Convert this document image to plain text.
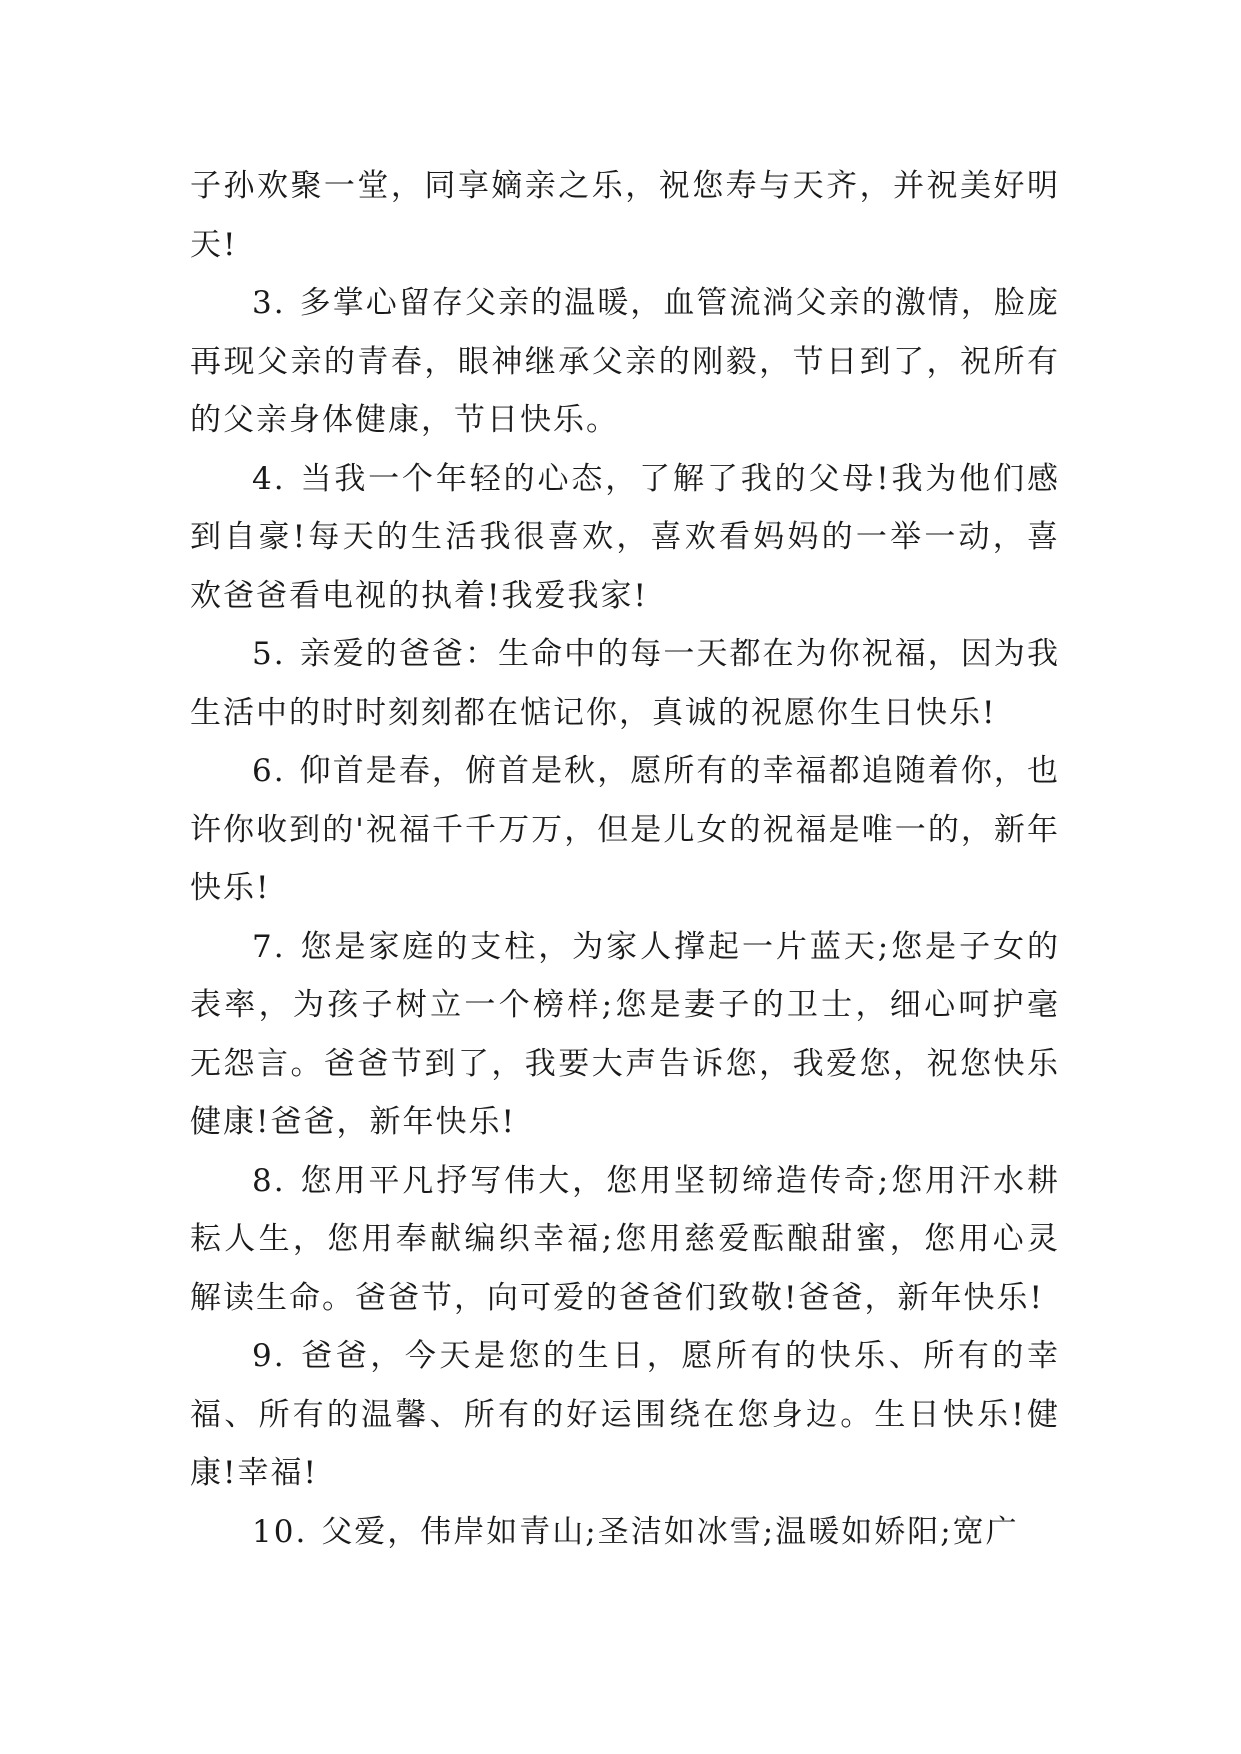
子孙欢聚一堂，同享嫡亲之乐，祝您寿与天齐，并祝美好明天!

3. 多掌心留存父亲的温暖，血管流淌父亲的激情，脸庞再现父亲的青春，眼神继承父亲的刚毅，节日到了，祝所有的父亲身体健康，节日快乐。

4. 当我一个年轻的心态，了解了我的父母!我为他们感到自豪!每天的生活我很喜欢，喜欢看妈妈的一举一动，喜欢爸爸看电视的执着!我爱我家!

5. 亲爱的爸爸：生命中的每一天都在为你祝福，因为我生活中的时时刻刻都在惦记你，真诚的祝愿你生日快乐!

6. 仰首是春，俯首是秋，愿所有的幸福都追随着你，也许你收到的'祝福千千万万，但是儿女的祝福是唯一的，新年快乐!

7. 您是家庭的支柱，为家人撑起一片蓝天;您是子女的表率，为孩子树立一个榜样;您是妻子的卫士，细心呵护毫无怨言。爸爸节到了，我要大声告诉您，我爱您，祝您快乐健康!爸爸，新年快乐!

8. 您用平凡抒写伟大，您用坚韧缔造传奇;您用汗水耕耘人生，您用奉献编织幸福;您用慈爱酝酿甜蜜，您用心灵解读生命。爸爸节，向可爱的爸爸们致敬!爸爸，新年快乐!

9. 爸爸，今天是您的生日，愿所有的快乐、所有的幸福、所有的温馨、所有的好运围绕在您身边。生日快乐!健康!幸福!

10. 父爱，伟岸如青山;圣洁如冰雪;温暖如娇阳;宽广
